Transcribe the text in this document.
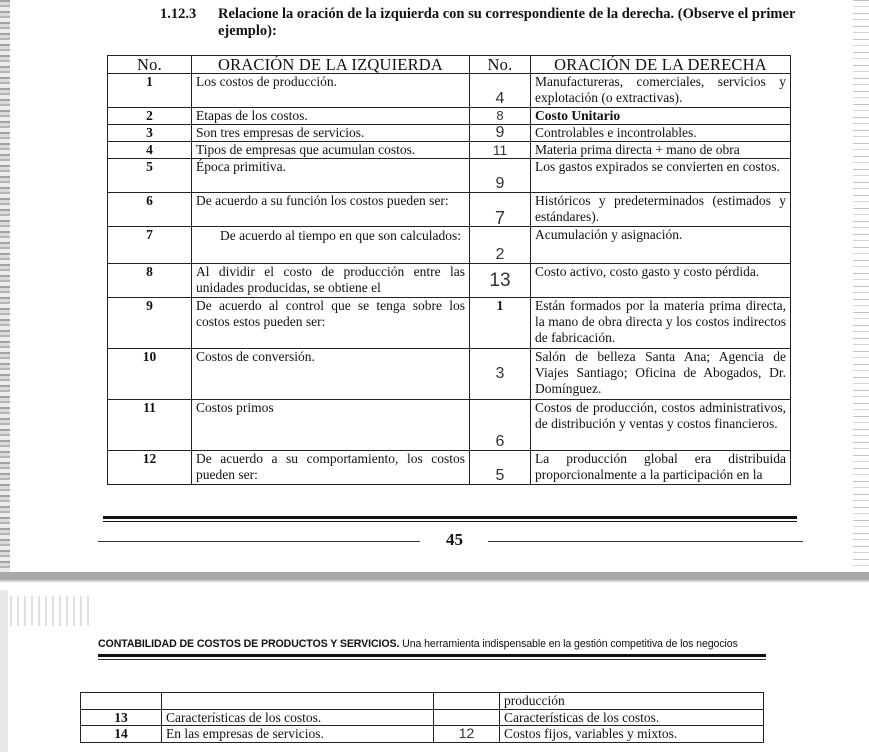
1.12.3 Relacione la oración de la izquierda con su correspondiente de la derecha. (Observe el primer
ejemplo):
No.	ORACIÓN DE LA IZQUIERDA	No.	ORACIÓN DE LA DERECHA
1	Los costos de producción.	4	Manufactureras, comerciales, servicios y explotación (o extractivas).
2	Etapas de los costos.	8	Costo Unitario
3	Son tres empresas de servicios.	9	Controlables e incontrolables.
4	Tipos de empresas que acumulan costos.	11	Materia prima directa + mano de obra
5	Época primitiva.	9	Los gastos expirados se convierten en costos.
6	De acuerdo a su función los costos pueden ser:	7	Históricos y predeterminados (estimados y estándares).
7	De acuerdo al tiempo en que son calculados:	2	Acumulación y asignación.
8	Al dividir el costo de producción entre las unidades producidas, se obtiene el	13	Costo activo, costo gasto y costo pérdida.
9	De acuerdo al control que se tenga sobre los costos estos pueden ser:	1	Están formados por la materia prima directa, la mano de obra directa y los costos indirectos de fabricación.
10	Costos de conversión.	3	Salón de belleza Santa Ana; Agencia de Viajes Santiago; Oficina de Abogados, Dr. Domínguez.
11	Costos primos	6	Costos de producción, costos administrativos, de distribución y ventas y costos financieros.
12	De acuerdo a su comportamiento, los costos pueden ser:	5	La producción global era distribuida proporcionalmente a la participación en la
45
CONTABILIDAD DE COSTOS DE PRODUCTOS Y SERVICIOS. Una herramienta indispensable en la gestión competitiva de los negocios
			producción
13	Características de los costos.		Características de los costos.
14	En las empresas de servicios.	12	Costos fijos, variables y mixtos.
